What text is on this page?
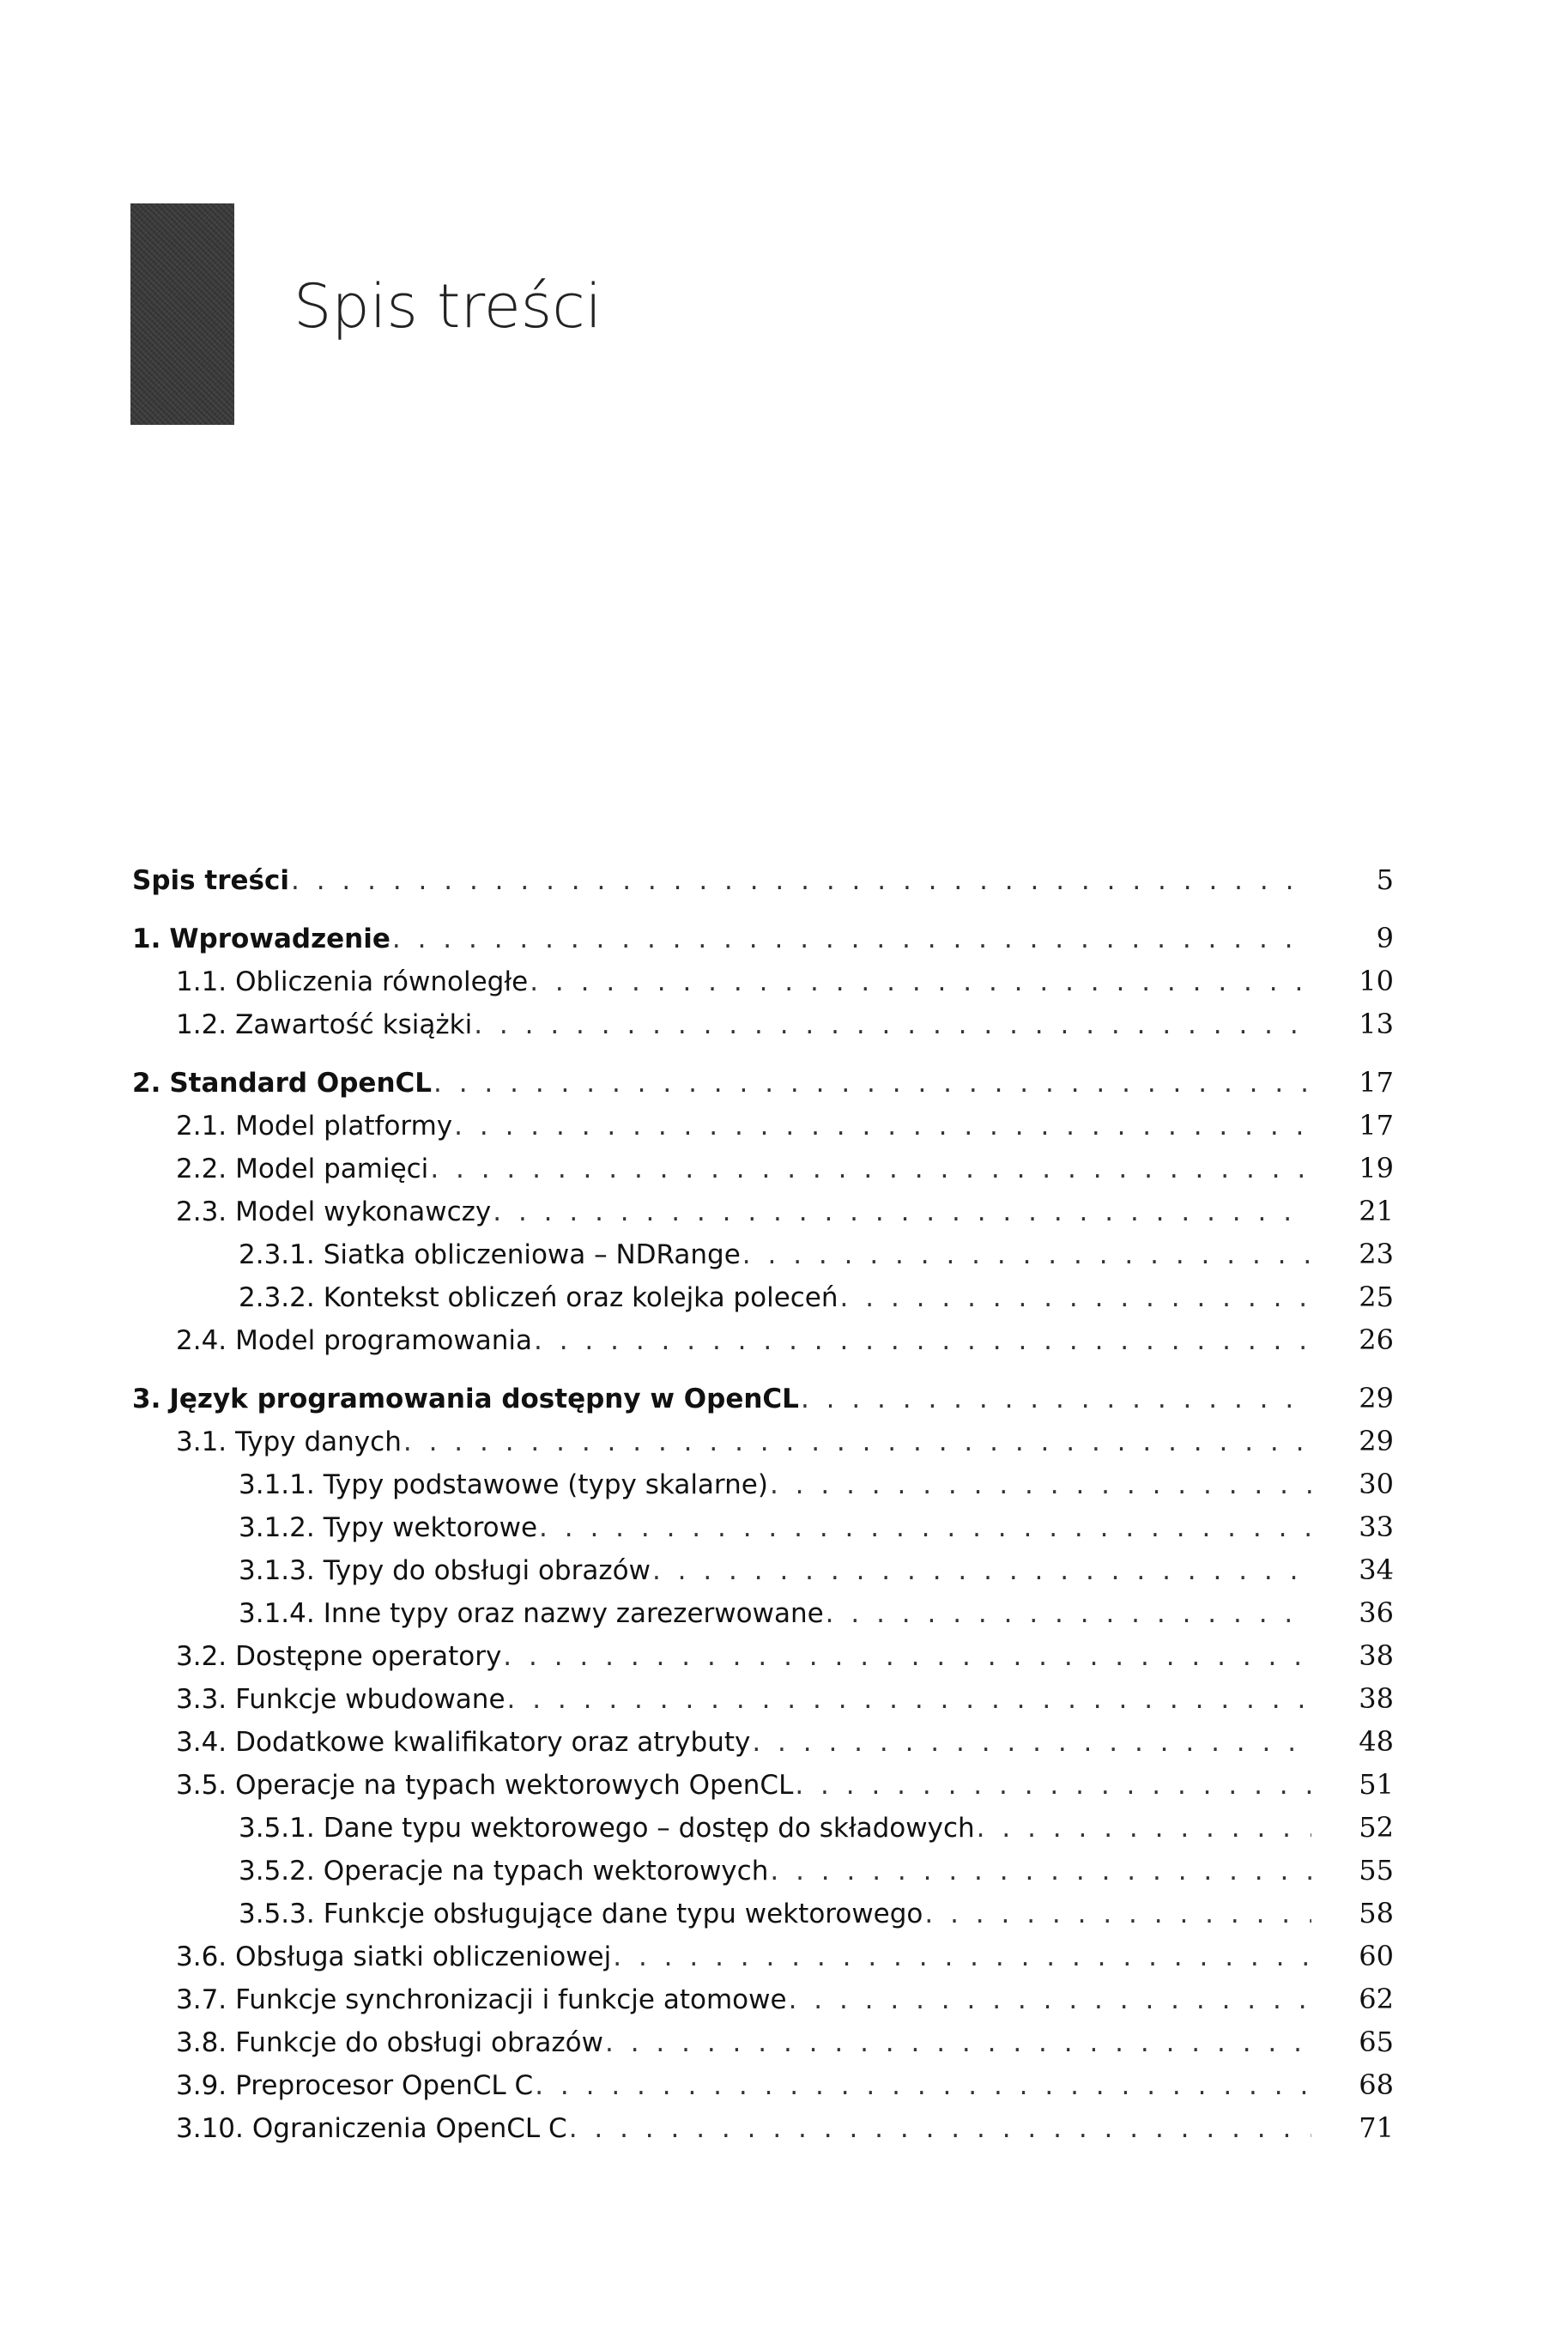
Spis treści
Spis treści . . .	5
1. Wprowadzenie . . .	9
1.1. Obliczenia równoległe . . .	10
1.2. Zawartość książki . . .	13
2. Standard OpenCL . . .	17
2.1. Model platformy . . .	17
2.2. Model pamięci . . .	19
2.3. Model wykonawczy . . .	21
2.3.1. Siatka obliczeniowa – NDRange . . .	23
2.3.2. Kontekst obliczeń oraz kolejka poleceń . . .	25
2.4. Model programowania . . .	26
3. Język programowania dostępny w OpenCL . . .	29
3.1. Typy danych . . .	29
3.1.1. Typy podstawowe (typy skalarne) . . .	30
3.1.2. Typy wektorowe . . .	33
3.1.3. Typy do obsługi obrazów . . .	34
3.1.4. Inne typy oraz nazwy zarezerwowane . . .	36
3.2. Dostępne operatory . . .	38
3.3. Funkcje wbudowane . . .	38
3.4. Dodatkowe kwalifikatory oraz atrybuty . . .	48
3.5. Operacje na typach wektorowych OpenCL . . .	51
3.5.1. Dane typu wektorowego – dostęp do składowych . . .	52
3.5.2. Operacje na typach wektorowych . . .	55
3.5.3. Funkcje obsługujące dane typu wektorowego . . .	58
3.6. Obsługa siatki obliczeniowej . . .	60
3.7. Funkcje synchronizacji i funkcje atomowe . . .	62
3.8. Funkcje do obsługi obrazów . . .	65
3.9. Preprocesor OpenCL C . . .	68
3.10. Ograniczenia OpenCL C . . .	71
